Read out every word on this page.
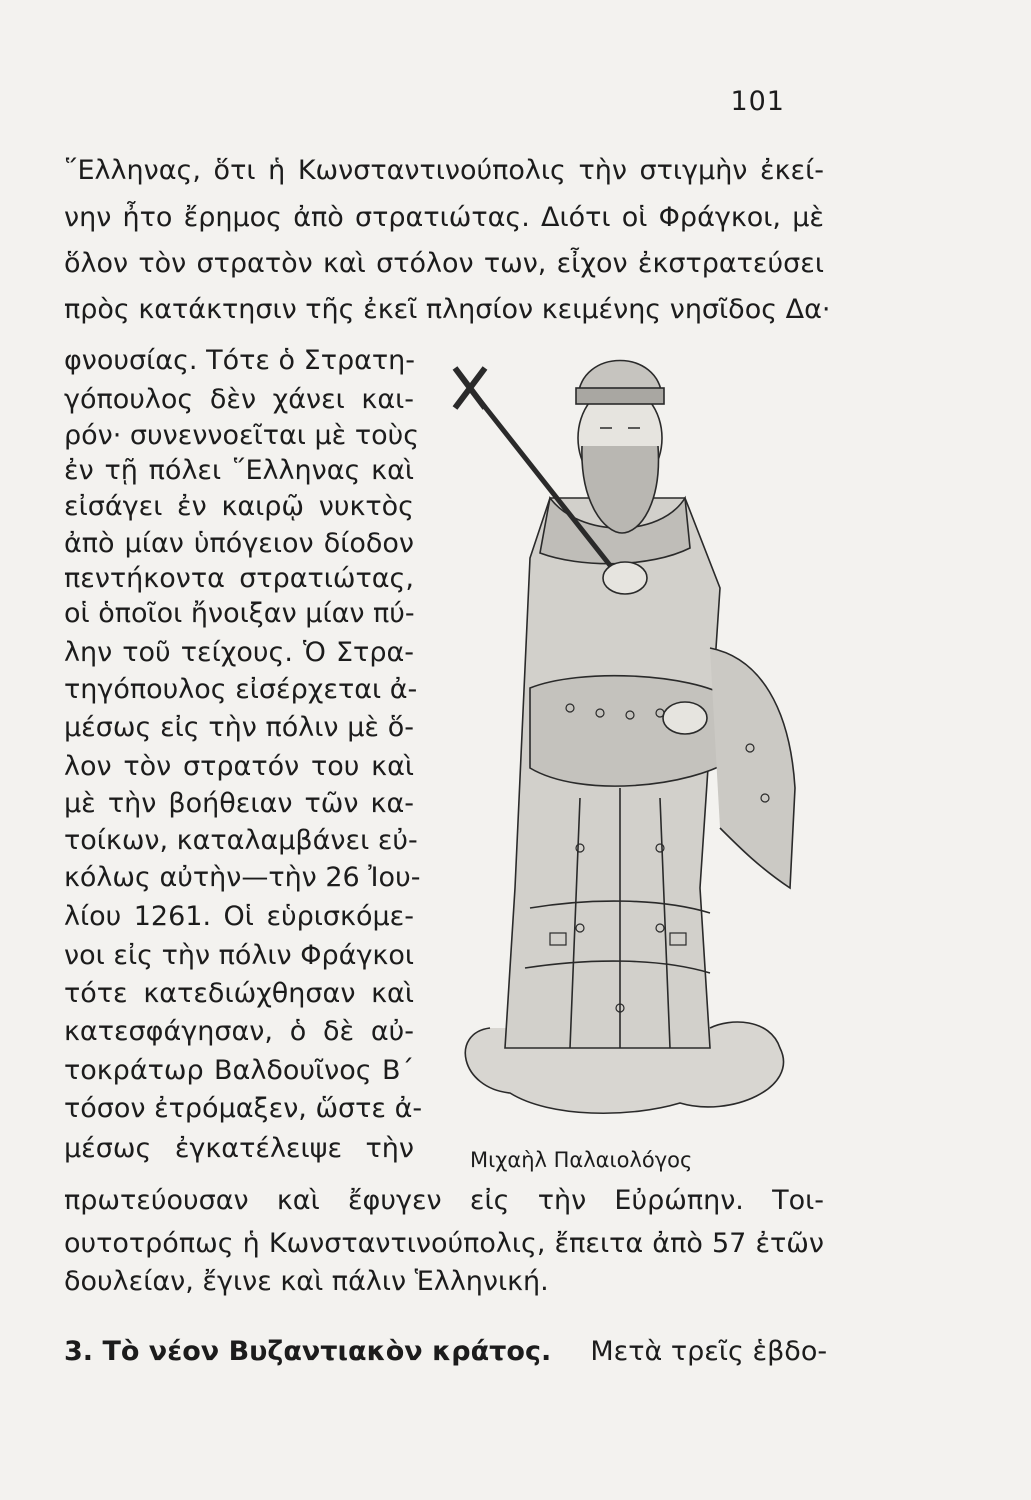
101
῞Ελληνας, ὅτι ἡ Κωνσταντινούπολις τὴν στιγμὴν ἐκεί-
νην ἦτο ἔρημος ἀπὸ στρατιώτας. Διότι οἱ Φράγκοι, μὲ
ὅλον τὸν στρατὸν καὶ στόλον των, εἶχον ἐκστρατεύσει
πρὸς κατάκτησιν τῆς ἐκεῖ πλησίον κειμένης νησῖδος Δα·
φνουσίας. Τότε ὁ Στρατη-
γόπουλος δὲν χάνει και-
ρόν· συνεννοεῖται μὲ τοὺς
ἐν τῇ πόλει ῞Ελληνας καὶ
εἰσάγει ἐν καιρῷ νυκτὸς
ἀπὸ μίαν ὑπόγειον δίοδον
πεντήκοντα στρατιώτας,
οἱ ὁποῖοι ἤνοιξαν μίαν πύ-
λην τοῦ τείχους. Ὁ Στρα-
τηγόπουλος εἰσέρχεται ἀ-
μέσως εἰς τὴν πόλιν μὲ ὅ-
λον τὸν στρατόν του καὶ
μὲ τὴν βοήθειαν τῶν κα-
τοίκων, καταλαμβάνει εὐ-
κόλως αὐτὴν—τὴν 26 Ἰου-
λίου 1261. Οἱ εὑρισκόμε-
νοι εἰς τὴν πόλιν Φράγκοι
τότε κατεδιώχθησαν καὶ
κατεσφάγησαν, ὁ δὲ αὐ-
τοκράτωρ Βαλδουῖνος Β΄
τόσον ἐτρόμαξεν, ὥστε ἀ-
μέσως ἐγκατέλειψε τὴν	Μιχαὴλ Παλαιολόγος
πρωτεύουσαν καὶ ἔφυγεν εἰς τὴν Εὐρώπην. Τοι-
ουτοτρόπως ἡ Κωνσταντινούπολις, ἔπειτα ἀπὸ 57 ἐτῶν
δουλείαν, ἔγινε καὶ πάλιν Ἑλληνική.
3. Τὸ νέον Βυζαντιακὸν κράτος. Μετὰ τρεῖς ἑβδο-
